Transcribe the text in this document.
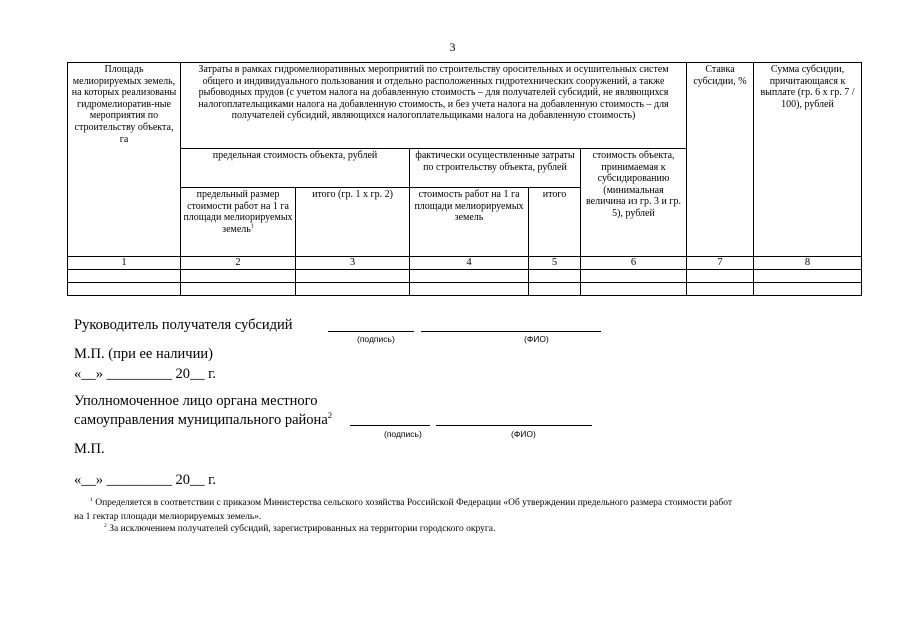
3
Площадь мелиорируемых земель, на которых реализованы гидромелиоратив-ные мероприятия по строительству объекта, га	Затраты в рамках гидромелиоративных мероприятий по строительству оросительных и осушительных систем общего и индивидуального пользования и отдельно расположенных гидротехнических сооружений, а также рыбоводных прудов (с учетом налога на добавленную стоимость – для получателей субсидий, не являющихся налогоплательщиками налога на добавленную стоимость, и без учета налога на добавленную стоимость – для получателей субсидий, являющихся налогоплательщиками налога на добавленную стоимость)					Ставка субсидии, %	Сумма субсидии, причитающаяся к выплате (гр. 6 х гр. 7 / 100), рублей
	предельная стоимость объекта, рублей		фактически осуществленные затраты по строительству объекта, рублей		стоимость объекта, принимаемая к субсидированию (минимальная величина из гр. 3 и гр. 5), рублей		
	предельный размер стоимости работ на 1 га площади мелиорируемых земель$^1$	итого (гр. 1 х гр. 2)	стоимость работ на 1 га площади мелиорируемых земель	итого			
1	2	3	4	5	6	7	8

Руководитель получателя субсидий
(подпись)	(ФИО)
М.П. (при ее наличии)
«__» _________ 20__ г.
Уполномоченное лицо органа местного
самоуправления муниципального района$^2$
(подпись)	(ФИО)
М.П.
«__» _________ 20__ г.
$^1$ Определяется в соответствии с приказом Министерства сельского хозяйства Российской Федерации «Об утверждении предельного размера стоимости работ
на 1 гектар площади мелиорируемых земель».
$^2$ За исключением получателей субсидий, зарегистрированных на территории городского округа.
